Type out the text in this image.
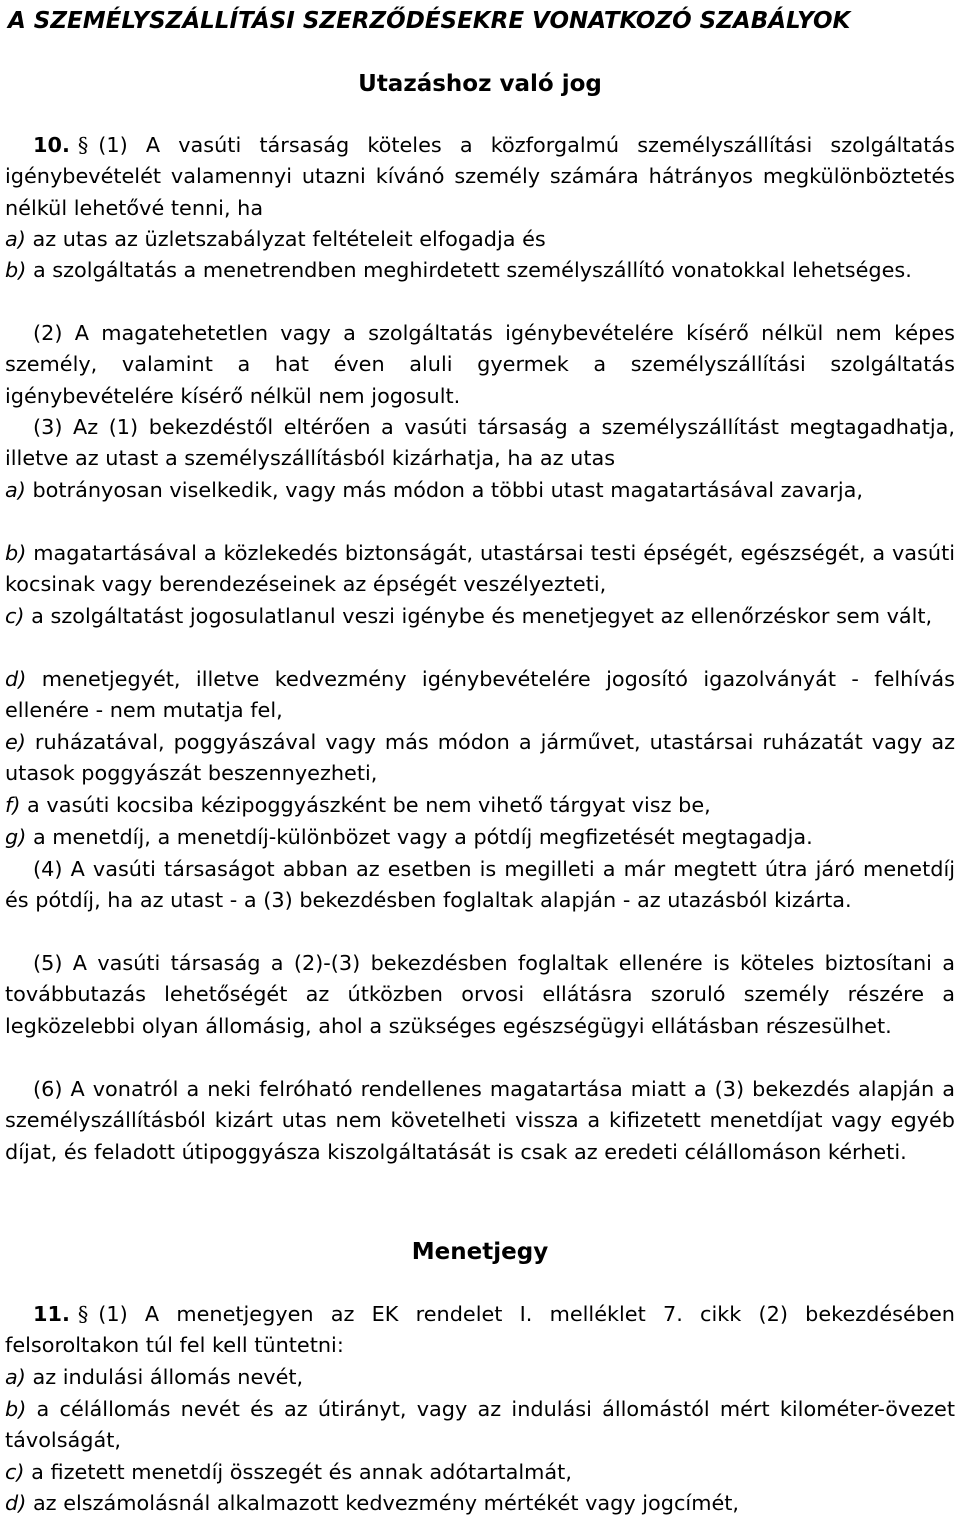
A SZEMÉLYSZÁLLÍTÁSI SZERZŐDÉSEKRE VONATKOZÓ SZABÁLYOK
Utazáshoz való jog

10. § (1) A vasúti társaság köteles a közforgalmú személyszállítási szolgáltatás igénybevételét valamennyi utazni kívánó személy számára hátrányos megkülönböztetés nélkül lehetővé tenni, ha

a) az utas az üzletszabályzat feltételeit elfogadja és

b) a szolgáltatás a menetrendben meghirdetett személyszállító vonatokkal lehetséges.

(2) A magatehetetlen vagy a szolgáltatás igénybevételére kísérő nélkül nem képes személy, valamint a hat éven aluli gyermek a személyszállítási szolgáltatás igénybevételére kísérő nélkül nem jogosult.

(3) Az (1) bekezdéstől eltérően a vasúti társaság a személyszállítást megtagadhatja, illetve az utast a személyszállításból kizárhatja, ha az utas

a) botrányosan viselkedik, vagy más módon a többi utast magatartásával zavarja,

b) magatartásával a közlekedés biztonságát, utastársai testi épségét, egészségét, a vasúti kocsinak vagy berendezéseinek az épségét veszélyezteti,

c) a szolgáltatást jogosulatlanul veszi igénybe és menetjegyet az ellenőrzéskor sem vált,

d) menetjegyét, illetve kedvezmény igénybevételére jogosító igazolványát - felhívás ellenére - nem mutatja fel,

e) ruházatával, poggyászával vagy más módon a járművet, utastársai ruházatát vagy az utasok poggyászát beszennyezheti,

f) a vasúti kocsiba kézipoggyászként be nem vihető tárgyat visz be,

g) a menetdíj, a menetdíj-különbözet vagy a pótdíj megfizetését megtagadja.

(4) A vasúti társaságot abban az esetben is megilleti a már megtett útra járó menetdíj és pótdíj, ha az utast - a (3) bekezdésben foglaltak alapján - az utazásból kizárta.

(5) A vasúti társaság a (2)-(3) bekezdésben foglaltak ellenére is köteles biztosítani a továbbutazás lehetőségét az útközben orvosi ellátásra szoruló személy részére a legközelebbi olyan állomásig, ahol a szükséges egészségügyi ellátásban részesülhet.

(6) A vonatról a neki felróható rendellenes magatartása miatt a (3) bekezdés alapján a személyszállításból kizárt utas nem követelheti vissza a kifizetett menetdíjat vagy egyéb díjat, és feladott útipoggyásza kiszolgáltatását is csak az eredeti célállomáson kérheti.

Menetjegy

11. § (1) A menetjegyen az EK rendelet I. melléklet 7. cikk (2) bekezdésében felsoroltakon túl fel kell tüntetni:

a) az indulási állomás nevét,

b) a célállomás nevét és az útirányt, vagy az indulási állomástól mért kilométer-övezet távolságát,

c) a fizetett menetdíj összegét és annak adótartalmát,

d) az elszámolásnál alkalmazott kedvezmény mértékét vagy jogcímét,
